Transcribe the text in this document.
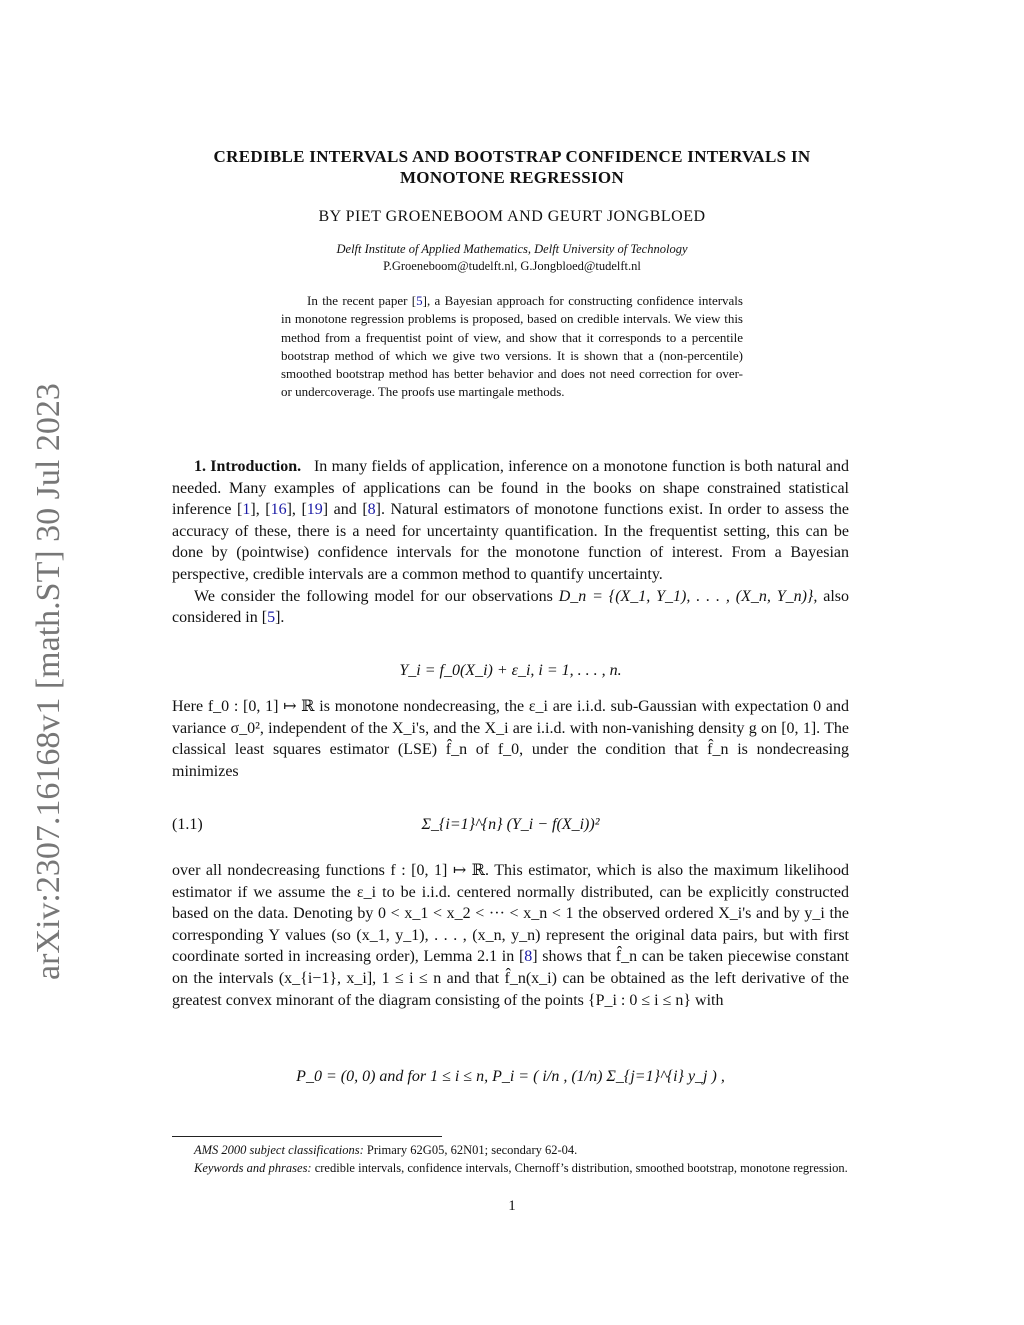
arXiv:2307.16168v1 [math.ST] 30 Jul 2023
CREDIBLE INTERVALS AND BOOTSTRAP CONFIDENCE INTERVALS IN MONOTONE REGRESSION
BY PIET GROENEBOOM AND GEURT JONGBLOED
Delft Institute of Applied Mathematics, Delft University of Technology
P.Groeneboom@tudelft.nl, G.Jongbloed@tudelft.nl

In the recent paper [5], a Bayesian approach for constructing confidence intervals in monotone regression problems is proposed, based on credible intervals. We view this method from a frequentist point of view, and show that it corresponds to a percentile bootstrap method of which we give two versions. It is shown that a (non-percentile) smoothed bootstrap method has better behavior and does not need correction for over- or undercoverage. The proofs use martingale methods.

1. Introduction. In many fields of application, inference on a monotone function is both natural and needed. Many examples of applications can be found in the books on shape constrained statistical inference [1], [16], [19] and [8]. Natural estimators of monotone functions exist. In order to assess the accuracy of these, there is a need for uncertainty quantification. In the frequentist setting, this can be done by (pointwise) confidence intervals for the monotone function of interest. From a Bayesian perspective, credible intervals are a common method to quantify uncertainty.

We consider the following model for our observations D_n = {(X_1, Y_1), . . . , (X_n, Y_n)}, also considered in [5].

Y_i = f_0(X_i) + ε_i, i = 1, . . . , n.

Here f_0 : [0, 1] ↦ ℝ is monotone nondecreasing, the ε_i are i.i.d. sub-Gaussian with expectation 0 and variance σ_0², independent of the X_i's, and the X_i are i.i.d. with non-vanishing density g on [0, 1]. The classical least squares estimator (LSE) f̂_n of f_0, under the condition that f̂_n is nondecreasing minimizes

(1.1)	Σ_{i=1}^{n} (Y_i − f(X_i))²

over all nondecreasing functions f : [0, 1] ↦ ℝ. This estimator, which is also the maximum likelihood estimator if we assume the ε_i to be i.i.d. centered normally distributed, can be explicitly constructed based on the data. Denoting by 0 < x_1 < x_2 < ··· < x_n < 1 the observed ordered X_i's and by y_i the corresponding Y values (so (x_1, y_1), . . . , (x_n, y_n) represent the original data pairs, but with first coordinate sorted in increasing order), Lemma 2.1 in [8] shows that f̂_n can be taken piecewise constant on the intervals (x_{i−1}, x_i], 1 ≤ i ≤ n and that f̂_n(x_i) can be obtained as the left derivative of the greatest convex minorant of the diagram consisting of the points {P_i : 0 ≤ i ≤ n} with

P_0 = (0, 0) and for 1 ≤ i ≤ n, P_i = ( i/n , (1/n) Σ_{j=1}^{i} y_j ) ,
AMS 2000 subject classifications: Primary 62G05, 62N01; secondary 62-04.
Keywords and phrases: credible intervals, confidence intervals, Chernoff’s distribution, smoothed bootstrap, monotone regression.
1
